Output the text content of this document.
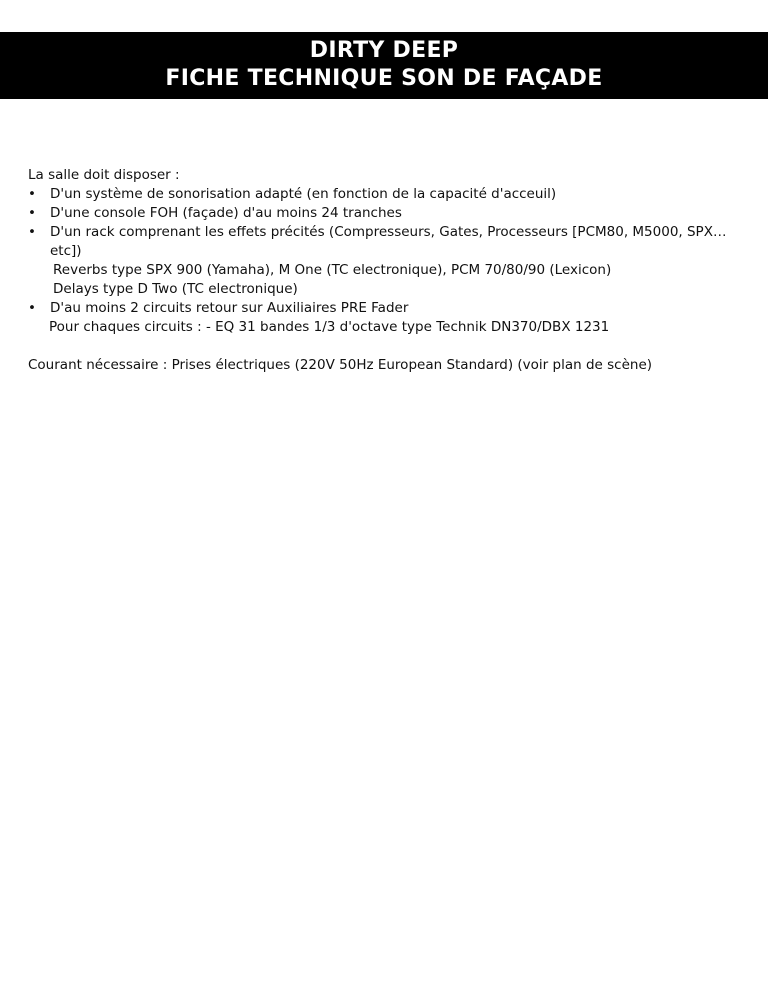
DIRTY DEEP
FICHE TECHNIQUE SON DE FAÇADE
La salle doit disposer :
•	D'un système de sonorisation adapté (en fonction de la capacité d'acceuil)
•	D'une console FOH (façade) d'au moins 24 tranches
•	D'un rack comprenant les effets précités (Compresseurs, Gates, Processeurs [PCM80, M5000, SPX… etc])
Reverbs type SPX 900 (Yamaha), M One (TC electronique), PCM 70/80/90 (Lexicon)
Delays type D Two (TC electronique)
•	D'au moins 2 circuits retour sur Auxiliaires PRE Fader
Pour chaques circuits : - EQ 31 bandes 1/3 d'octave type Technik DN370/DBX 1231
Courant nécessaire : Prises électriques (220V 50Hz European Standard) (voir plan de scène)
